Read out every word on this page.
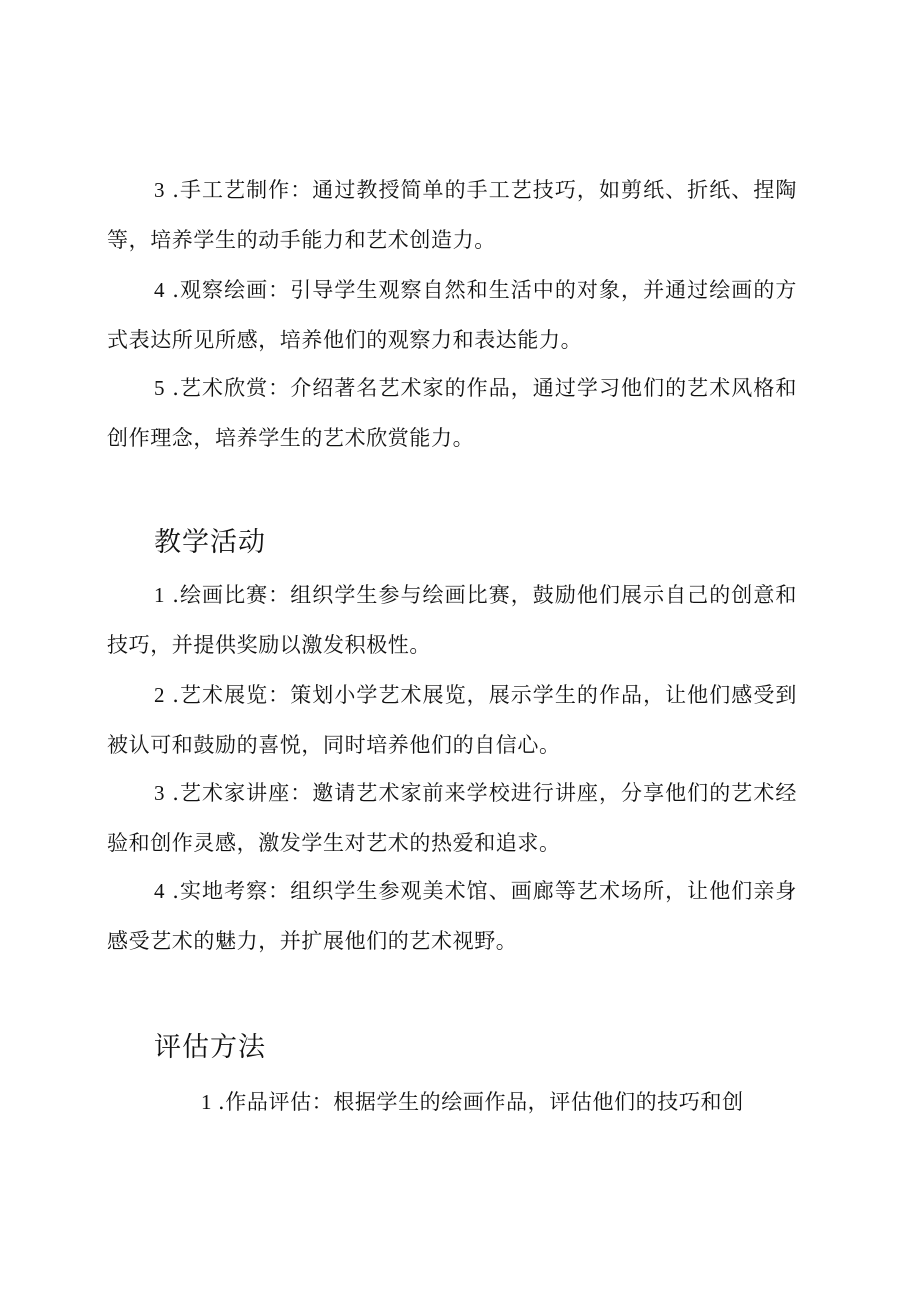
3 .手工艺制作：通过教授简单的手工艺技巧，如剪纸、折纸、捏陶等，培养学生的动手能力和艺术创造力。

4 .观察绘画：引导学生观察自然和生活中的对象，并通过绘画的方式表达所见所感，培养他们的观察力和表达能力。

5 .艺术欣赏：介绍著名艺术家的作品，通过学习他们的艺术风格和创作理念，培养学生的艺术欣赏能力。

教学活动

1 .绘画比赛：组织学生参与绘画比赛，鼓励他们展示自己的创意和技巧，并提供奖励以激发积极性。

2 .艺术展览：策划小学艺术展览，展示学生的作品，让他们感受到被认可和鼓励的喜悦，同时培养他们的自信心。

3 .艺术家讲座：邀请艺术家前来学校进行讲座，分享他们的艺术经验和创作灵感，激发学生对艺术的热爱和追求。

4 .实地考察：组织学生参观美术馆、画廊等艺术场所，让他们亲身感受艺术的魅力，并扩展他们的艺术视野。

评估方法

1 .作品评估：根据学生的绘画作品，评估他们的技巧和创
